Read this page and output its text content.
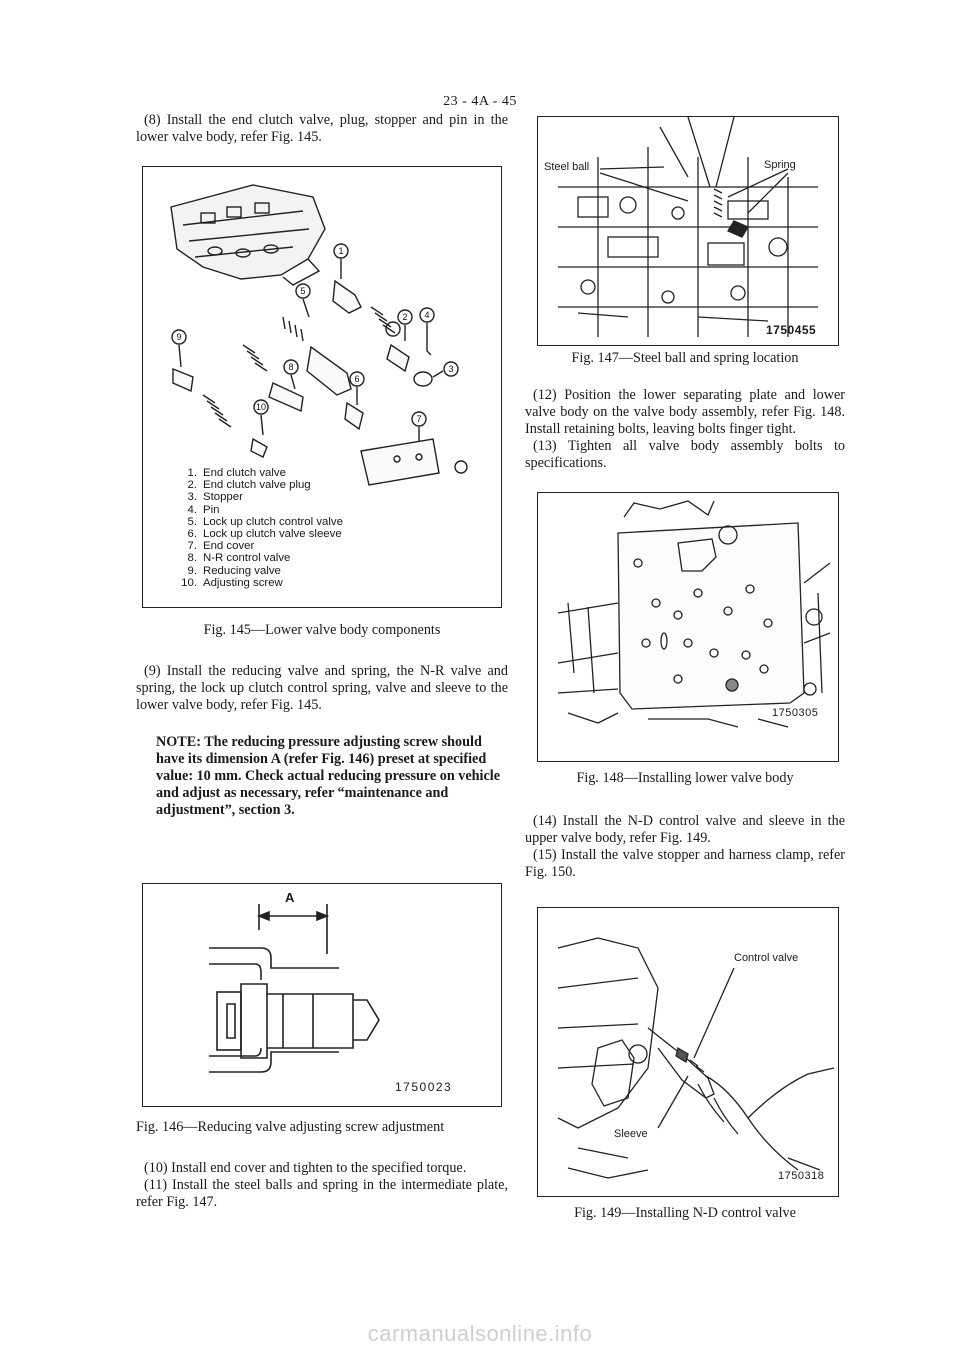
23 - 4A - 45

(8) Install the end clutch valve, plug, stopper and pin in the lower valve body, refer Fig. 145.

1
5
2 4
3
9
8
6
10
7
1. End clutch valve
2. End clutch valve plug
3. Stopper
4. Pin
5. Lock up clutch control valve
6. Lock up clutch valve sleeve
7. End cover
8. N-R control valve
9. Reducing valve
10. Adjusting screw
Fig. 145—Lower valve body components

(9) Install the reducing valve and spring, the N-R valve and spring, the lock up clutch control spring, valve and sleeve to the lower valve body, refer Fig. 145.

NOTE: The reducing pressure adjusting screw should have its dimension A (refer Fig. 146) preset at specified value: 10 mm. Check actual reducing pressure on vehicle and adjust as necessary, refer “maintenance and adjustment”, section 3.

A
1750023
Fig. 146—Reducing valve adjusting screw adjustment

(10) Install end cover and tighten to the specified torque.

(11) Install the steel balls and spring in the intermediate plate, refer Fig. 147.

Steel ball	Spring
1750455
Fig. 147—Steel ball and spring location

(12) Position the lower separating plate and lower valve body on the valve body assembly, refer Fig. 148. Install retaining bolts, leaving bolts finger tight.

(13) Tighten all valve body assembly bolts to specifications.

1750305
Fig. 148—Installing lower valve body

(14) Install the N-D control valve and sleeve in the upper valve body, refer Fig. 149.

(15) Install the valve stopper and harness clamp, refer Fig. 150.

Control valve
Sleeve
1750318
Fig. 149—Installing N-D control valve
carmanualsonline.info
